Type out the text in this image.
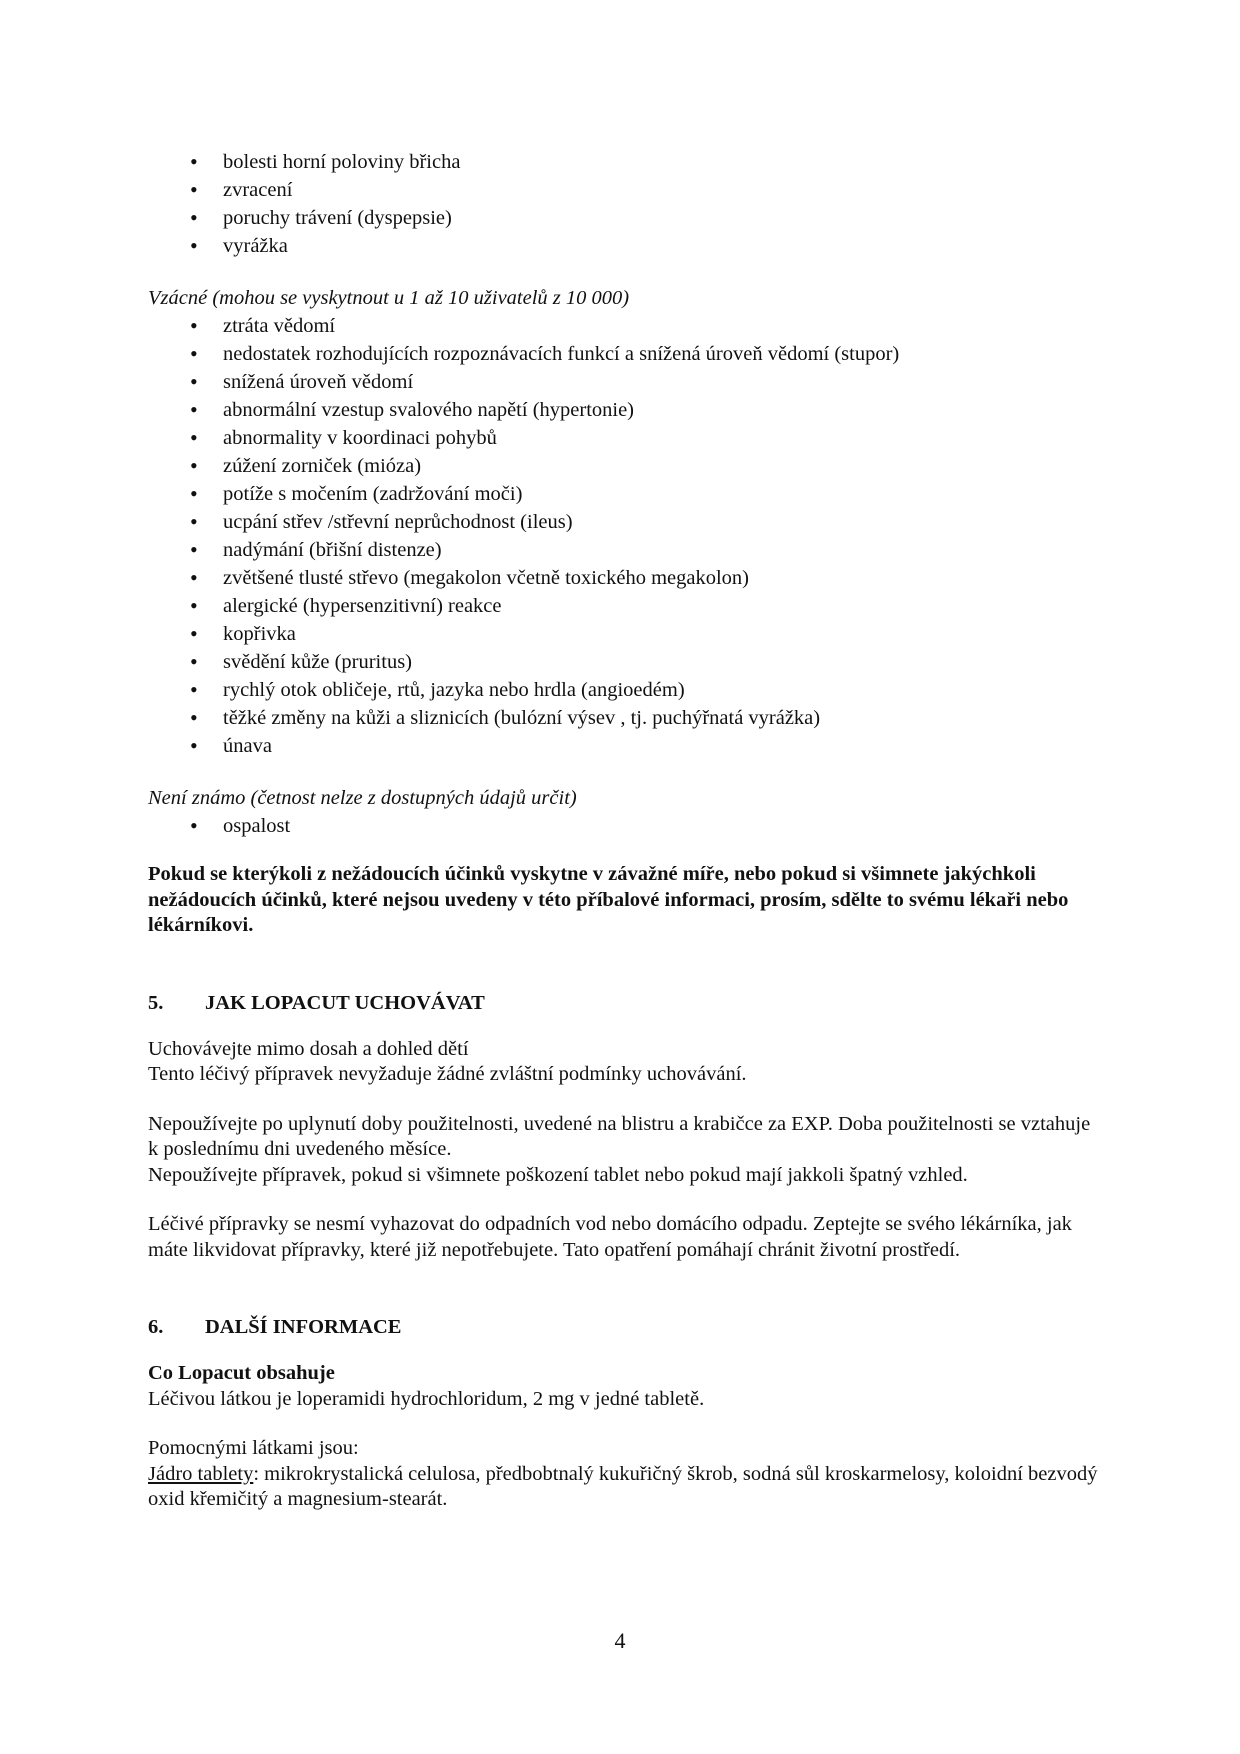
• bolesti horní poloviny břicha
• zvracení
• poruchy trávení (dyspepsie)
• vyrážka
Vzácné (mohou se vyskytnout u 1 až 10 uživatelů z 10 000)
• ztráta vědomí
• nedostatek rozhodujících rozpoznávacích funkcí a snížená úroveň vědomí (stupor)
• snížená úroveň vědomí
• abnormální vzestup svalového napětí (hypertonie)
• abnormality v koordinaci pohybů
• zúžení zorniček (mióza)
• potíže s močením (zadržování moči)
• ucpání střev /střevní neprůchodnost (ileus)
• nadýmání (břišní distenze)
• zvětšené tlusté střevo (megakolon včetně toxického megakolon)
• alergické (hypersenzitivní) reakce
• kopřivka
• svědění kůže (pruritus)
• rychlý otok obličeje, rtů, jazyka nebo hrdla (angioedém)
• těžké změny na kůži a sliznicích (bulózní výsev , tj. puchýřnatá vyrážka)
• únava
Není známo (četnost nelze z dostupných údajů určit)
• ospalost
Pokud se kterýkoli z nežádoucích účinků vyskytne v závažné míře, nebo pokud si všimnete jakýchkoli nežádoucích účinků, které nejsou uvedeny v této příbalové informaci, prosím, sdělte to svému lékaři nebo lékárníkovi.
5. JAK LOPACUT UCHOVÁVAT
Uchovávejte mimo dosah a dohled dětí
Tento léčivý přípravek nevyžaduje žádné zvláštní podmínky uchovávání.
Nepoužívejte po uplynutí doby použitelnosti, uvedené na blistru a krabičce za EXP. Doba použitelnosti se vztahuje k poslednímu dni uvedeného měsíce.
Nepoužívejte přípravek, pokud si všimnete poškození tablet nebo pokud mají jakkoli špatný vzhled.
Léčivé přípravky se nesmí vyhazovat do odpadních vod nebo domácího odpadu. Zeptejte se svého lékárníka, jak máte likvidovat přípravky, které již nepotřebujete. Tato opatření pomáhají chránit životní prostředí.
6. DALŠÍ INFORMACE
Co Lopacut obsahuje
Léčivou látkou je loperamidi hydrochloridum, 2 mg v jedné tabletě.
Pomocnými látkami jsou:
Jádro tablety: mikrokrystalická celulosa, předbobtnalý kukuřičný škrob, sodná sůl kroskarmelosy, koloidní bezvodý oxid křemičitý a magnesium-stearát.
4
